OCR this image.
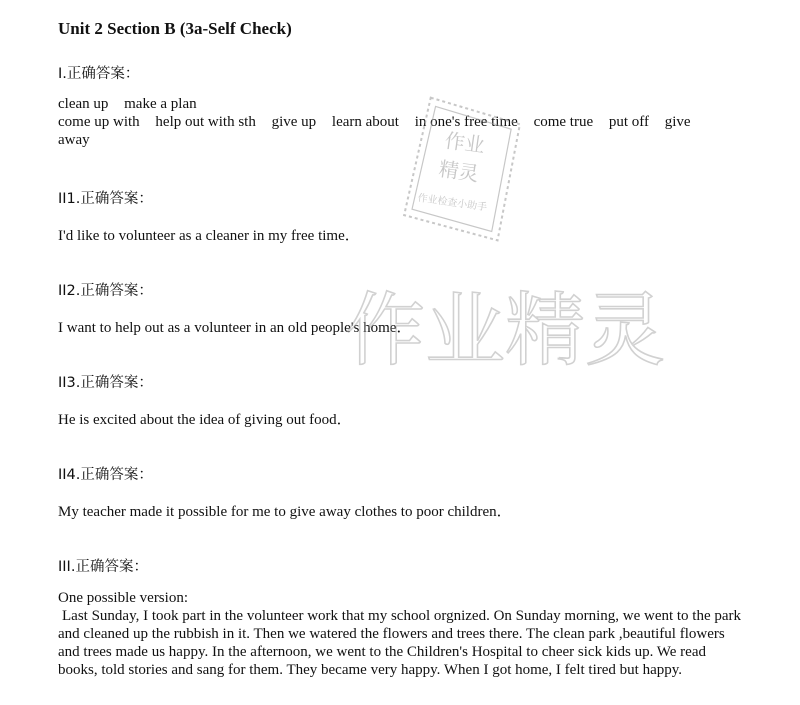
Unit 2 Section B (3a-Self Check)
I.正确答案：
clean up make a plan
come up with help out with sth give up learn about in one's free time come true put off give
away
II1.正确答案：
I'd like to volunteer as a cleaner in my free time．
II2.正确答案：
I want to help out as a volunteer in an old people's home．
II3.正确答案：
He is excited about the idea of giving out food．
II4.正确答案：
My teacher made it possible for me to give away clothes to poor children．
III.正确答案：
One possible version:
Last Sunday, I took part in the volunteer work that my school orgnized. On Sunday morning, we went to the park and cleaned up the rubbish in it. Then we watered the flowers and trees there. The clean park ,beautiful flowers and trees made us happy. In the afternoon, we went to the Children's Hospital to cheer sick kids up. We read books, told stories and sang for them. They became very happy. When I got home, I felt tired but happy.
作业
精灵
作业检查小助手
作业精灵
